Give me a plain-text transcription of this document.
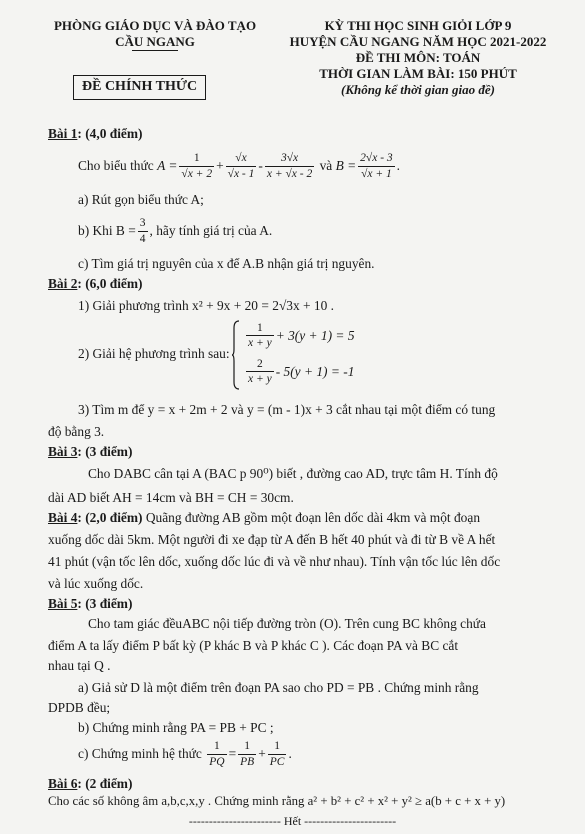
PHÒNG GIÁO DỤC VÀ ĐÀO TẠO
CẦU NGANG
ĐỀ CHÍNH THỨC
KỲ THI HỌC SINH GIỎI LỚP 9
HUYỆN CẦU NGANG NĂM HỌC 2021-2022
ĐỀ THI MÔN: TOÁN
THỜI GIAN LÀM BÀI: 150 PHÚT
(Không kể thời gian giao đề)
Bài 1: (4,0 điểm)
Cho biểu thức
$A = \frac{1}{√x + 2} + \frac{√x}{√x - 1} - \frac{3√x}{x + √x - 2}$
và
$B = \frac{2√x - 3}{√x + 1}$ .
a) Rút gọn biểu thức A;
b) Khi $B = \frac{3}{4}$ , hãy tính giá trị của A.
c) Tìm giá trị nguyên của x để A.B nhận giá trị nguyên.
Bài 2: (6,0 điểm)
1) Giải phương trình x² + 9x + 20 = 2√3x + 10 .
2) Giải hệ phương trình sau:
$\frac{1}{x + y} + 3(y + 1) = 5$
$\frac{2}{x + y} - 5(y + 1) = -1$
3) Tìm m để y = x + 2m + 2 và y = (m - 1)x + 3 cắt nhau tại một điểm có tung
độ bằng 3.
Bài 3: (3 điểm)
Cho DABC cân tại A (BAC p 90⁰) biết , đường cao AD, trực tâm H. Tính độ
dài AD biết AH = 14cm và BH = CH = 30cm.
Bài 4: (2,0 điểm) Quãng đường AB gồm một đoạn lên dốc dài 4km và một đoạn
xuống dốc dài 5km. Một người đi xe đạp từ A đến B hết 40 phút và đi từ B về A hết
41 phút (vận tốc lên dốc, xuống dốc lúc đi và về như nhau). Tính vận tốc lúc lên dốc
và lúc xuống dốc.
Bài 5: (3 điểm)
Cho tam giác đềuABC nội tiếp đường tròn (O). Trên cung BC không chứa
điểm A ta lấy điểm P bất kỳ (P khác B và P khác C ). Các đoạn PA và BC cắt
nhau tại Q .
a) Giả sử D là một điểm trên đoạn PA sao cho PD = PB . Chứng minh rằng
DPDB đều;
b) Chứng minh rằng PA = PB + PC ;
c) Chứng minh hệ thức
$\frac{1}{PQ} = \frac{1}{PB} + \frac{1}{PC}$ .
Bài 6: (2 điểm)
Cho các số không âm a,b,c,x,y . Chứng minh rằng a² + b² + c² + x² + y² ≥ a(b + c + x + y)
----------------------- Hết -----------------------
